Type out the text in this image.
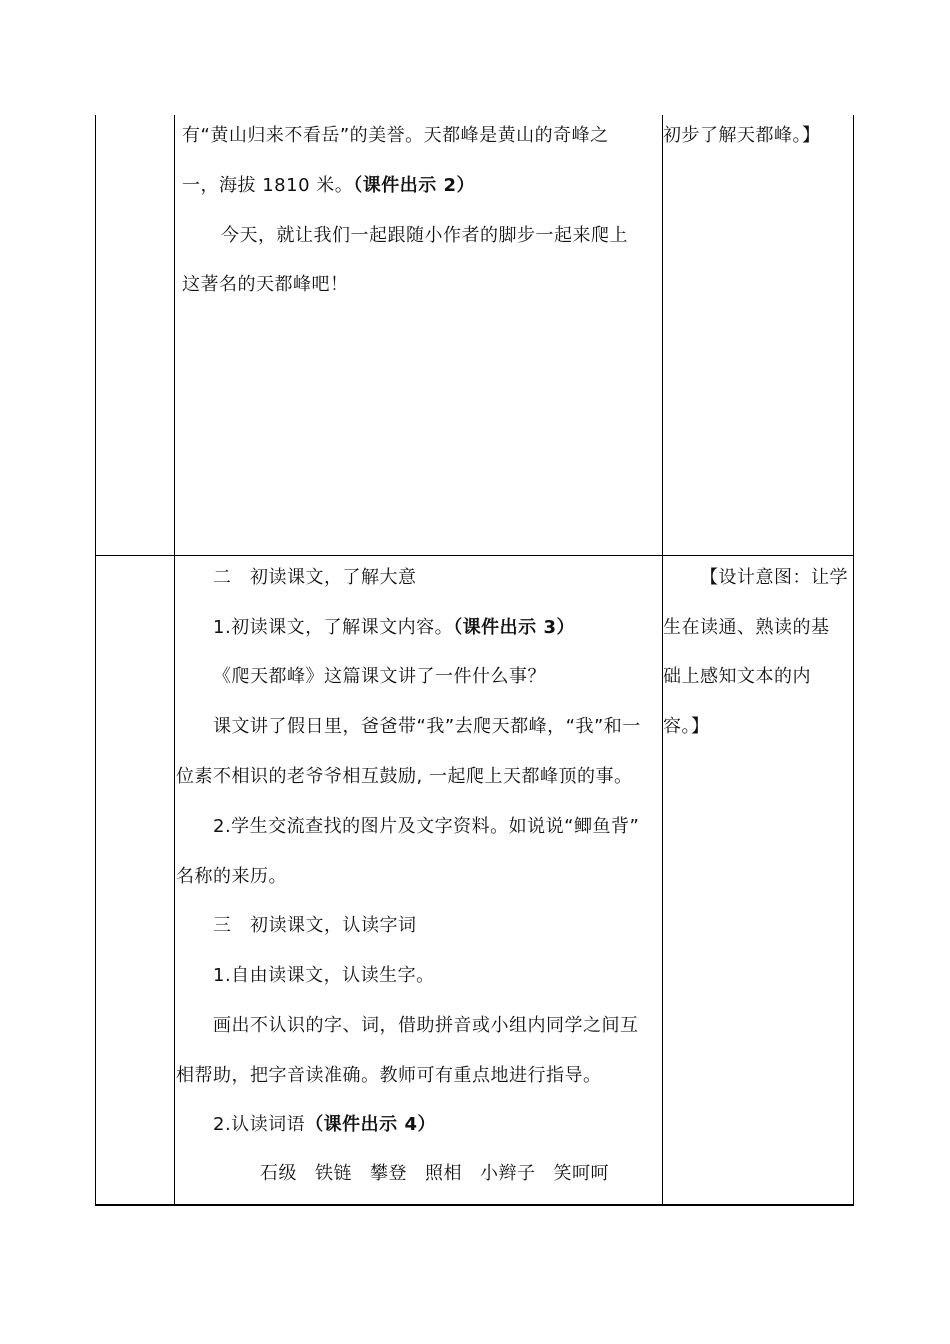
有“黄山归来不看岳”的美誉。天都峰是黄山的奇峰之
一，海拔 1810 米。（课件出示 2）
今天，就让我们一起跟随小作者的脚步一起来爬上
这著名的天都峰吧！
初步了解天都峰。】
二　初读课文，了解大意
1.初读课文，了解课文内容。（课件出示 3）
《爬天都峰》这篇课文讲了一件什么事？
课文讲了假日里，爸爸带“我”去爬天都峰，“我”和一
位素不相识的老爷爷相互鼓励, 一起爬上天都峰顶的事。
2.学生交流查找的图片及文字资料。如说说“鲫鱼背”
名称的来历。
三　初读课文，认读字词
1.自由读课文，认读生字。
画出不认识的字、词，借助拼音或小组内同学之间互
相帮助，把字音读准确。教师可有重点地进行指导。
2.认读词语（课件出示 4）
石级 铁链 攀登 照相 小辫子 笑呵呵
【设计意图：让学
生在读通、熟读的基
础上感知文本的内
容。】
